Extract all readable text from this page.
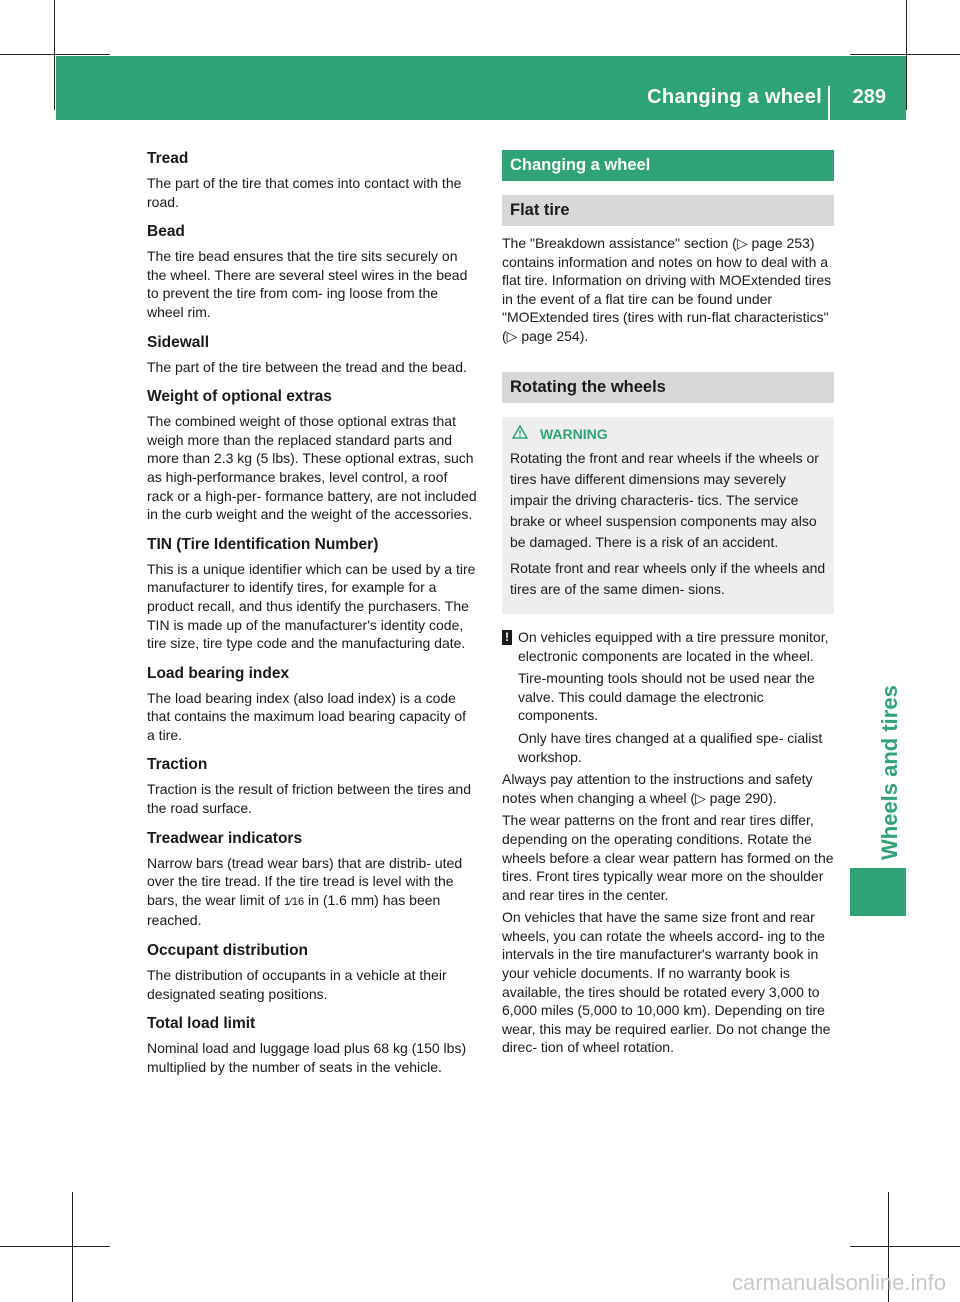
Changing a wheel 289
Wheels and tires
Tread
The part of the tire that comes into contact with the road.
Bead
The tire bead ensures that the tire sits securely on the wheel. There are several steel wires in the bead to prevent the tire from com- ing loose from the wheel rim.
Sidewall
The part of the tire between the tread and the bead.
Weight of optional extras
The combined weight of those optional extras that weigh more than the replaced standard parts and more than 2.3 kg (5 lbs). These optional extras, such as high-performance brakes, level control, a roof rack or a high-per- formance battery, are not included in the curb weight and the weight of the accessories.
TIN (Tire Identification Number)
This is a unique identifier which can be used by a tire manufacturer to identify tires, for example for a product recall, and thus identify the purchasers. The TIN is made up of the manufacturer's identity code, tire size, tire type code and the manufacturing date.
Load bearing index
The load bearing index (also load index) is a code that contains the maximum load bearing capacity of a tire.
Traction
Traction is the result of friction between the tires and the road surface.
Treadwear indicators
Narrow bars (tread wear bars) that are distrib- uted over the tire tread. If the tire tread is level with the bars, the wear limit of 1⁄16 in (1.6 mm) has been reached.
Occupant distribution
The distribution of occupants in a vehicle at their designated seating positions.
Total load limit
Nominal load and luggage load plus 68 kg (150 lbs) multiplied by the number of seats in the vehicle.
Changing a wheel
Flat tire
The "Breakdown assistance" section (▷ page 253) contains information and notes on how to deal with a flat tire. Information on driving with MOExtended tires in the event of a flat tire can be found under "MOExtended tires (tires with run-flat characteristics" (▷ page 254).
Rotating the wheels
WARNING
Rotating the front and rear wheels if the wheels or tires have different dimensions may severely impair the driving characteris- tics. The service brake or wheel suspension components may also be damaged. There is a risk of an accident.
Rotate front and rear wheels only if the wheels and tires are of the same dimen- sions.
! On vehicles equipped with a tire pressure monitor, electronic components are located in the wheel.
Tire-mounting tools should not be used near the valve. This could damage the electronic components.
Only have tires changed at a qualified spe- cialist workshop.
Always pay attention to the instructions and safety notes when changing a wheel (▷ page 290).
The wear patterns on the front and rear tires differ, depending on the operating conditions. Rotate the wheels before a clear wear pattern has formed on the tires. Front tires typically wear more on the shoulder and rear tires in the center.
On vehicles that have the same size front and rear wheels, you can rotate the wheels accord- ing to the intervals in the tire manufacturer's warranty book in your vehicle documents. If no warranty book is available, the tires should be rotated every 3,000 to 6,000 miles (5,000 to 10,000 km). Depending on tire wear, this may be required earlier. Do not change the direc- tion of wheel rotation.
carmanualsonline.info
